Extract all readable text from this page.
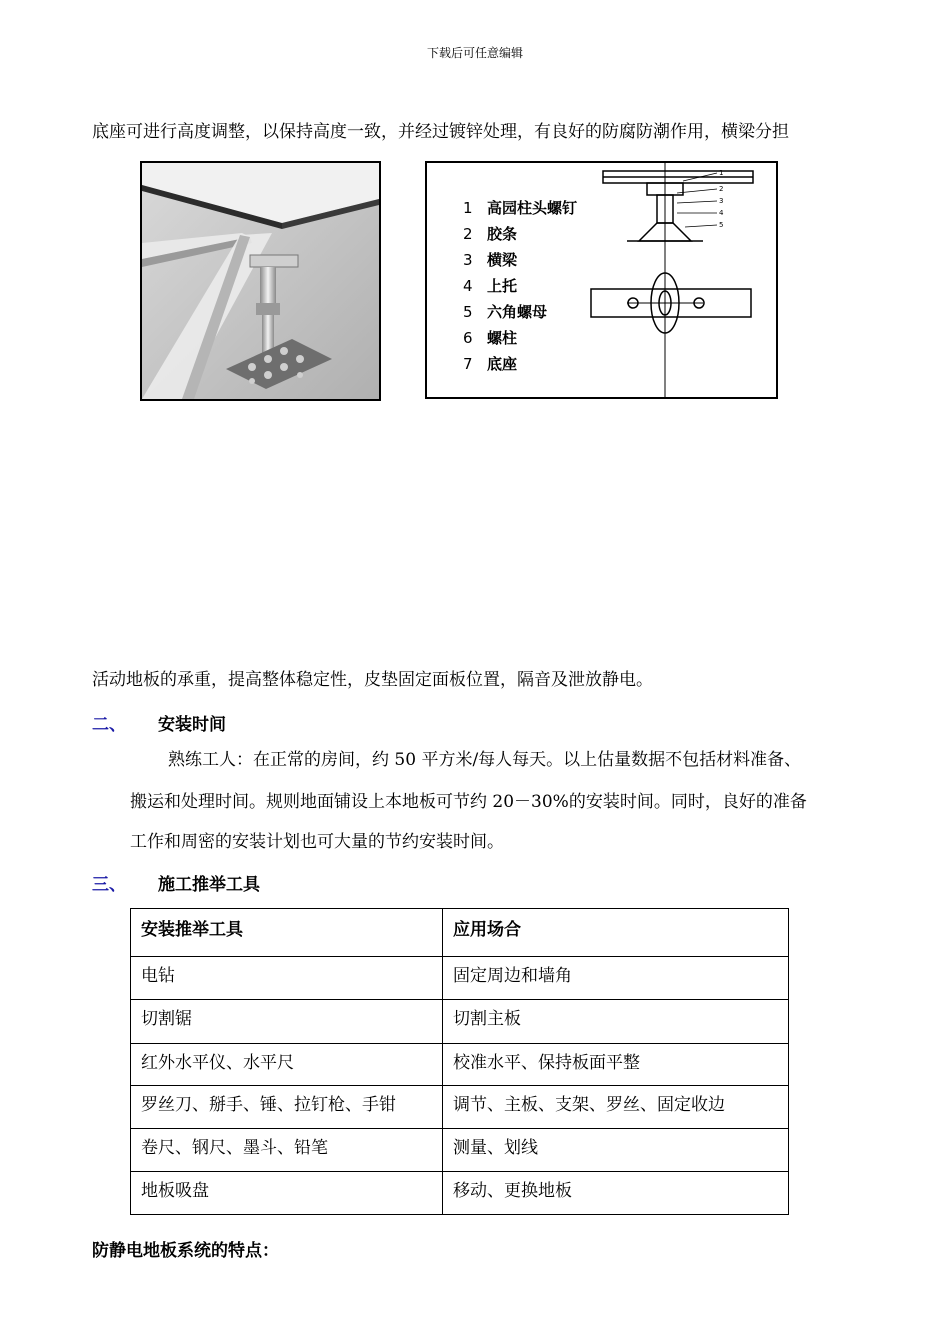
下载后可任意编辑
底座可进行高度调整，以保持高度一致，并经过镀锌处理，有良好的防腐防潮作用，横梁分担
1 高园柱头螺钉
2 胶条
3 横梁
4 上托
5 六角螺母
6 螺柱
7 底座
1
2
3
4
5
活动地板的承重，提高整体稳定性，皮垫固定面板位置，隔音及泄放静电。
二、 安装时间
熟练工人：在正常的房间，约 50 平方米/每人每天。以上估量数据不包括材料准备、
搬运和处理时间。规则地面铺设上本地板可节约 20－30%的安装时间。同时，良好的准备
工作和周密的安装计划也可大量的节约安装时间。
三、 施工推举工具
安装推举工具	应用场合
电钻	固定周边和墙角
切割锯	切割主板
红外水平仪、水平尺	校准水平、保持板面平整
罗丝刀、掰手、锤、拉钉枪、手钳	调节、主板、支架、罗丝、固定收边
卷尺、钢尺、墨斗、铅笔	测量、划线
地板吸盘	移动、更换地板
防静电地板系统的特点：
